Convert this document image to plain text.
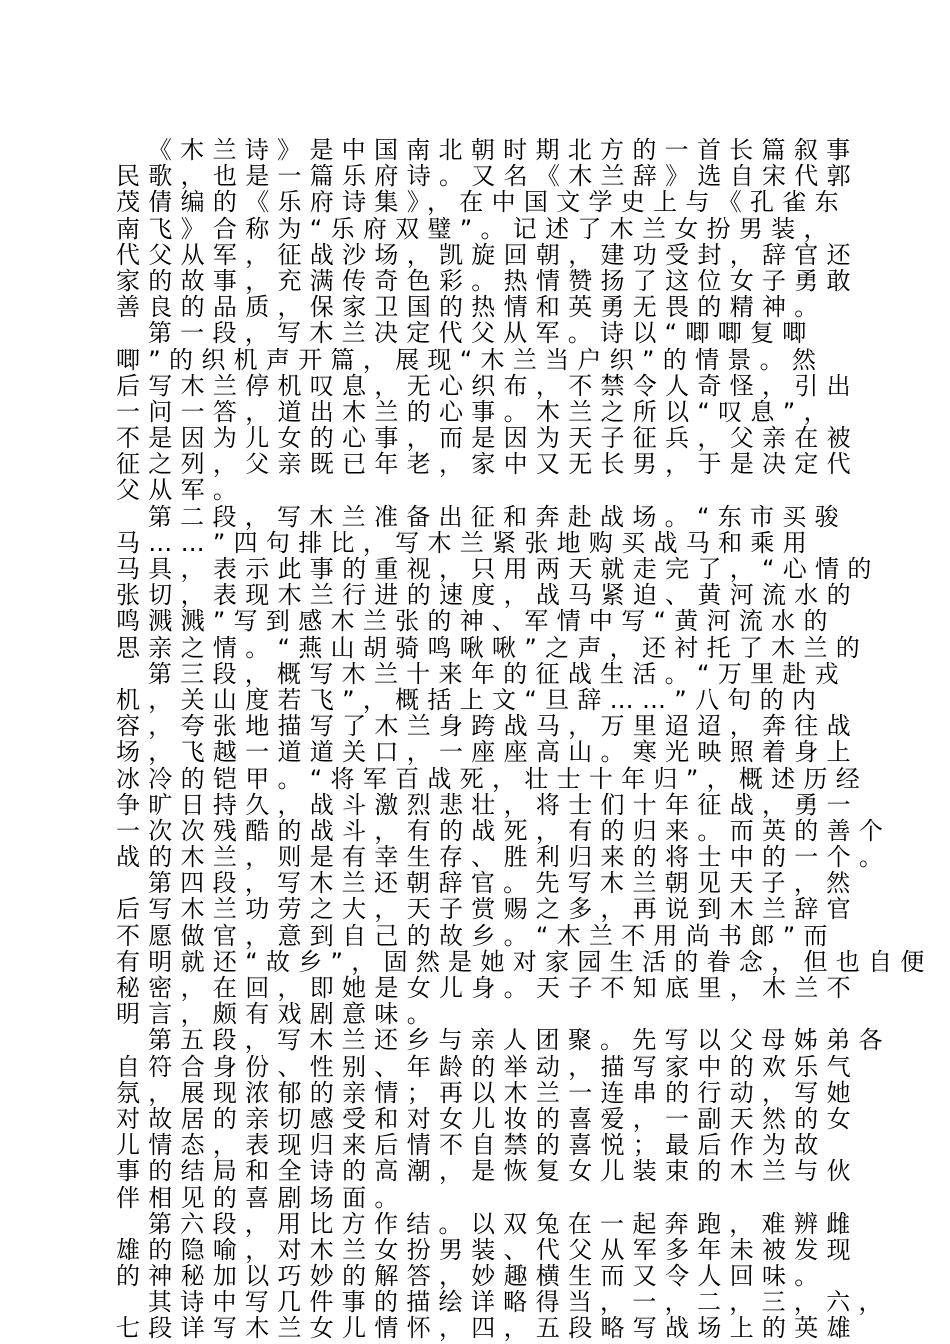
《木兰诗》是中国南北朝时期北方的一首长篇叙事
民歌，也是一篇乐府诗。又名《木兰辞》选自宋代郭
茂倩编的《乐府诗集》，在中国文学史上与《孔雀东
南飞》合称为“乐府双璧”。记述了木兰女扮男装，
代父从军，征战沙场，凯旋回朝，建功受封，辞官还
家的故事，充满传奇色彩。热情赞扬了这位女子勇敢
善良的品质，保家卫国的热情和英勇无畏的精神。
第一段，写木兰决定代父从军。诗以“唧唧复唧
唧”的织机声开篇，展现“木兰当户织”的情景。然
后写木兰停机叹息，无心织布，不禁令人奇怪，引出
一问一答，道出木兰的心事。木兰之所以“叹息”，
不是因为儿女的心事，而是因为天子征兵，父亲在被
征之列，父亲既已年老，家中又无长男，于是决定代
父从军。
第二段，写木兰准备出征和奔赴战场。“东市买骏
马……”四句排比，写木兰紧张地购买战马和乘用
马具，表示此事的重视，只用两天就走完了，“心情的
张切，表现木兰行进的速度，战马紧迫、黄河流水的
鸣溅溅”写到感木兰张的神、军情中写“黄河流水的
思亲之情。“燕山胡骑鸣啾啾”之声，还衬托了木兰的
第三段，概写木兰十来年的征战生活。“万里赴戎
机，关山度若飞”，概括上文“旦辞……”八句的内
容，夸张地描写了木兰身跨战马，万里迢迢，奔往战
场，飞越一道道关口，一座座高山。寒光映照着身上
冰冷的铠甲。“将军百战死，壮士十年归”，概述历经
争旷日持久，战斗激烈悲壮，将士们十年征战，勇一
一次次残酷的战斗，有的战死，有的归来。而英的善个
战的木兰，则是有幸生存、胜利归来的将士中的一个。
第四段，写木兰还朝辞官。先写木兰朝见天子，然
后写木兰功劳之大，天子赏赐之多，再说到木兰辞官
不愿做官，意到自己的故乡。“木兰不用尚书郎”而
有明就还“故乡”，固然是她对家园生活的眷念，但也自便
秘密，在回，即她是女儿身。天子不知底里，木兰不
明言，颇有戏剧意味。
第五段，写木兰还乡与亲人团聚。先写以父母姊弟各
自符合身份、性别、年龄的举动，描写家中的欢乐气
氛，展现浓郁的亲情；再以木兰一连串的行动，写她
对故居的亲切感受和对女儿妆的喜爱，一副天然的女
儿情态，表现归来后情不自禁的喜悦；最后作为故
事的结局和全诗的高潮，是恢复女儿装束的木兰与伙
伴相见的喜剧场面。
第六段，用比方作结。以双兔在一起奔跑，难辨雌
雄的隐喻，对木兰女扮男装、代父从军多年未被发现
的神秘加以巧妙的解答，妙趣横生而又令人回味。
其诗中写几件事的描绘详略得当，一，二，三，六，
七段详写木兰女儿情怀，四，五段略写战场上的英雄
